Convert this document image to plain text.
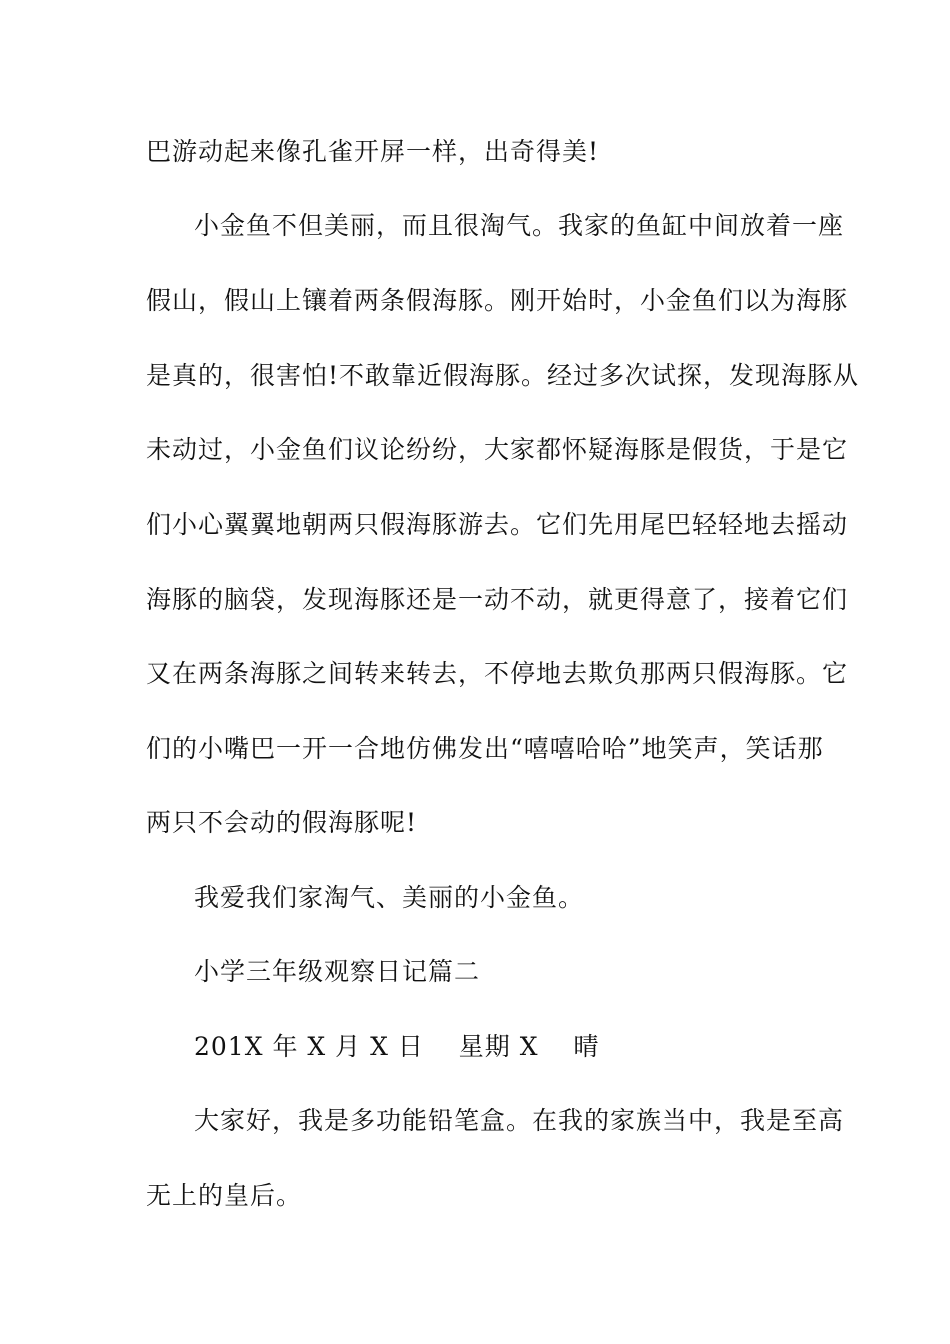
巴游动起来像孔雀开屏一样，出奇得美!
小金鱼不但美丽，而且很淘气。我家的鱼缸中间放着一座
假山，假山上镶着两条假海豚。刚开始时，小金鱼们以为海豚
是真的，很害怕!不敢靠近假海豚。经过多次试探，发现海豚从
未动过，小金鱼们议论纷纷，大家都怀疑海豚是假货，于是它
们小心翼翼地朝两只假海豚游去。它们先用尾巴轻轻地去摇动
海豚的脑袋，发现海豚还是一动不动，就更得意了，接着它们
又在两条海豚之间转来转去，不停地去欺负那两只假海豚。它
们的小嘴巴一开一合地仿佛发出“嘻嘻哈哈”地笑声，笑话那
两只不会动的假海豚呢!
我爱我们家淘气、美丽的小金鱼。
小学三年级观察日记篇二
201X 年 X 月 X 日　 星期 X　 晴
大家好，我是多功能铅笔盒。在我的家族当中，我是至高
无上的皇后。
